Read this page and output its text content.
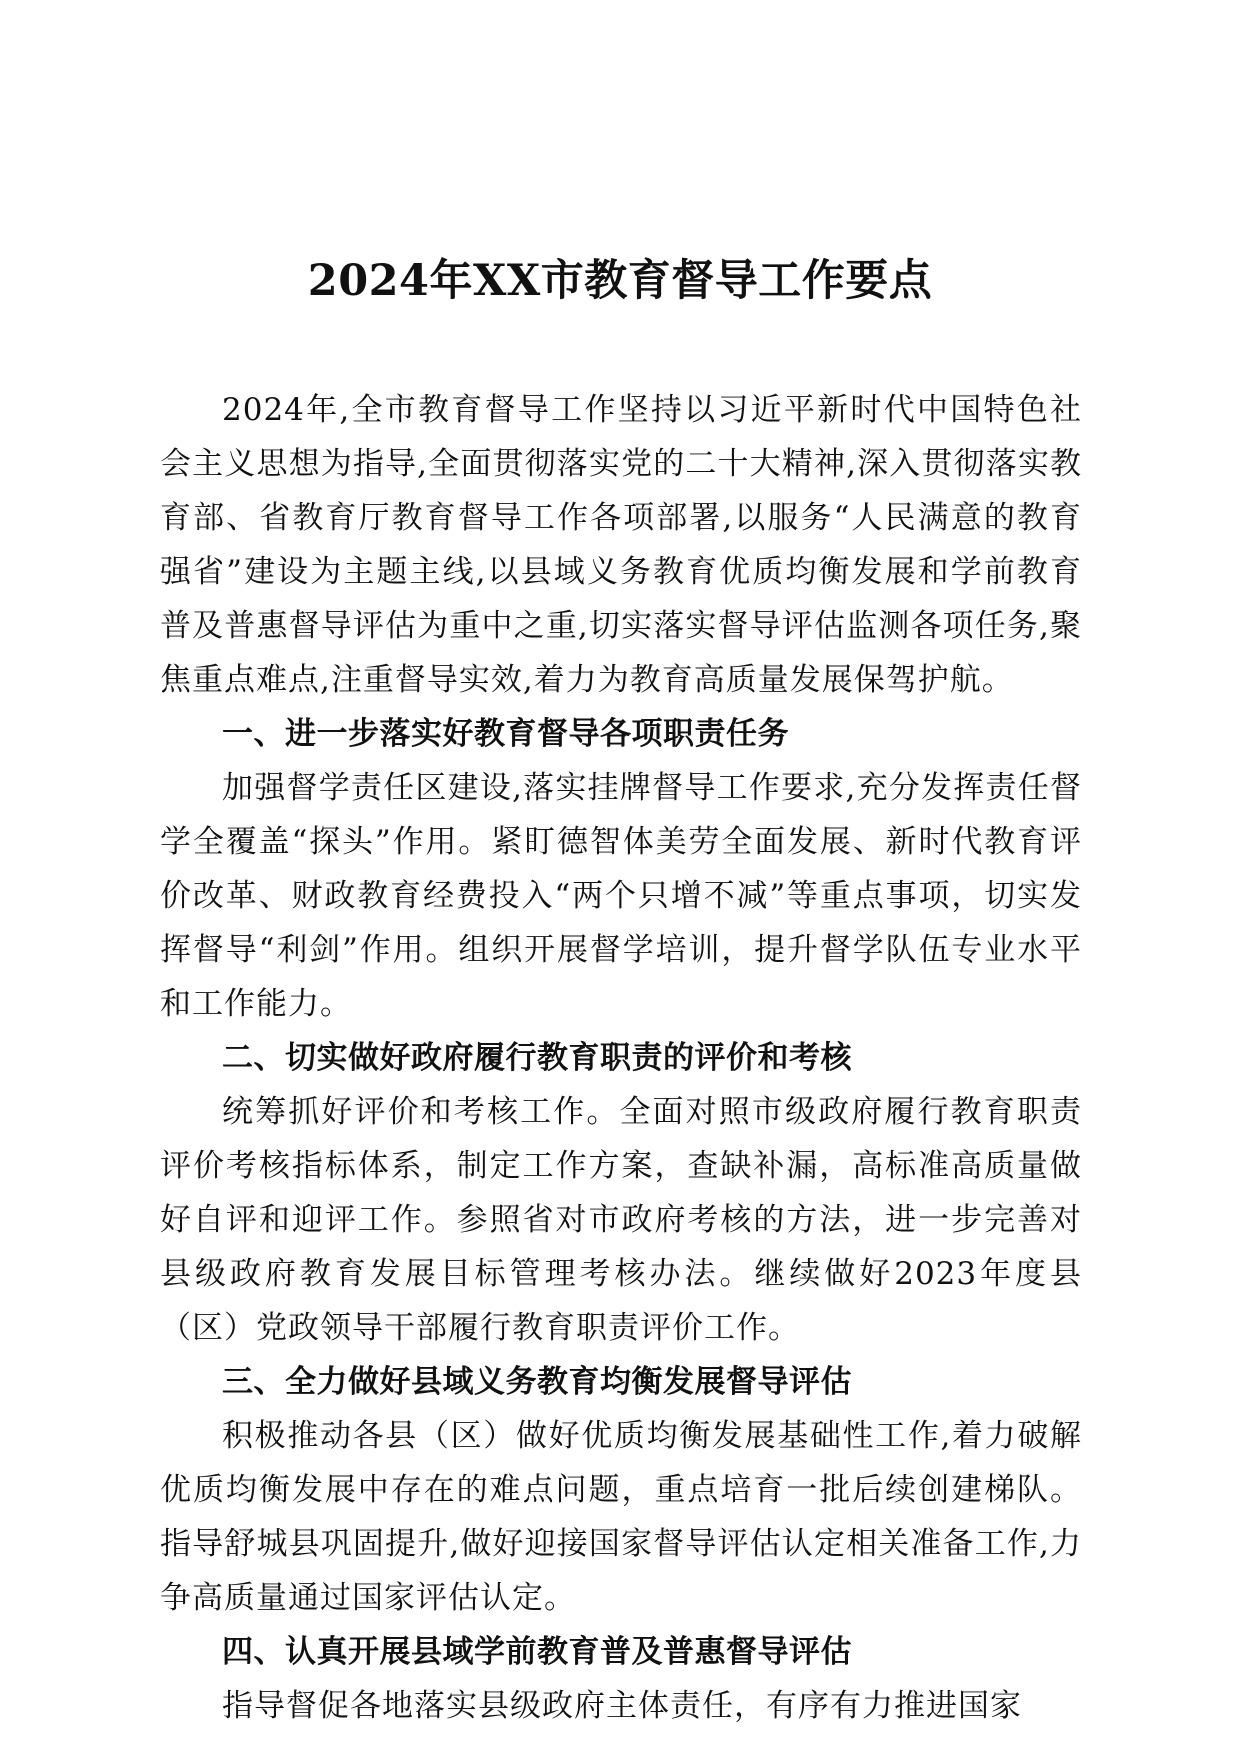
2024年XX市教育督导工作要点

2024年,全市教育督导工作坚持以习近平新时代中国特色社会主义思想为指导,全面贯彻落实党的二十大精神,深入贯彻落实教育部、省教育厅教育督导工作各项部署,以服务“人民满意的教育强省”建设为主题主线,以县域义务教育优质均衡发展和学前教育普及普惠督导评估为重中之重,切实落实督导评估监测各项任务,聚焦重点难点,注重督导实效,着力为教育高质量发展保驾护航。

一、进一步落实好教育督导各项职责任务

加强督学责任区建设,落实挂牌督导工作要求,充分发挥责任督学全覆盖“探头”作用。紧盯德智体美劳全面发展、新时代教育评价改革、财政教育经费投入“两个只增不减”等重点事项，切实发挥督导“利剑”作用。组织开展督学培训，提升督学队伍专业水平和工作能力。

二、切实做好政府履行教育职责的评价和考核

统筹抓好评价和考核工作。全面对照市级政府履行教育职责评价考核指标体系，制定工作方案，查缺补漏，高标准高质量做好自评和迎评工作。参照省对市政府考核的方法，进一步完善对县级政府教育发展目标管理考核办法。继续做好2023年度县（区）党政领导干部履行教育职责评价工作。

三、全力做好县域义务教育均衡发展督导评估

积极推动各县（区）做好优质均衡发展基础性工作,着力破解优质均衡发展中存在的难点问题，重点培育一批后续创建梯队。指导舒城县巩固提升,做好迎接国家督导评估认定相关准备工作,力争高质量通过国家评估认定。

四、认真开展县域学前教育普及普惠督导评估

指导督促各地落实县级政府主体责任，有序有力推进国家
